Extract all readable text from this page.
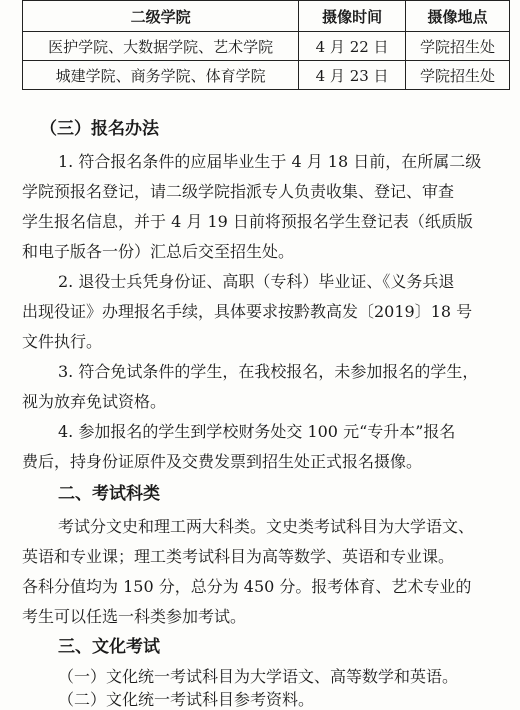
二级学院	摄像时间	摄像地点
医护学院、大数据学院、艺术学院	4 月 22 日	学院招生处
城建学院、商务学院、体育学院	4 月 23 日	学院招生处
（三）报名办法
1. 符合报名条件的应届毕业生于 4 月 18 日前，在所属二级
学院预报名登记，请二级学院指派专人负责收集、登记、审查
学生报名信息，并于 4 月 19 日前将预报名学生登记表（纸质版
和电子版各一份）汇总后交至招生处。
2. 退役士兵凭身份证、高职（专科）毕业证、《义务兵退
出现役证》办理报名手续，具体要求按黔教高发〔2019〕18 号
文件执行。
3. 符合免试条件的学生，在我校报名，未参加报名的学生，
视为放弃免试资格。
4. 参加报名的学生到学校财务处交 100 元“专升本”报名
费后，持身份证原件及交费发票到招生处正式报名摄像。
二、考试科类
考试分文史和理工两大科类。文史类考试科目为大学语文、
英语和专业课；理工类考试科目为高等数学、英语和专业课。
各科分值均为 150 分，总分为 450 分。报考体育、艺术专业的
考生可以任选一科类参加考试。
三、文化考试
（一）文化统一考试科目为大学语文、高等数学和英语。
（二）文化统一考试科目参考资料。
